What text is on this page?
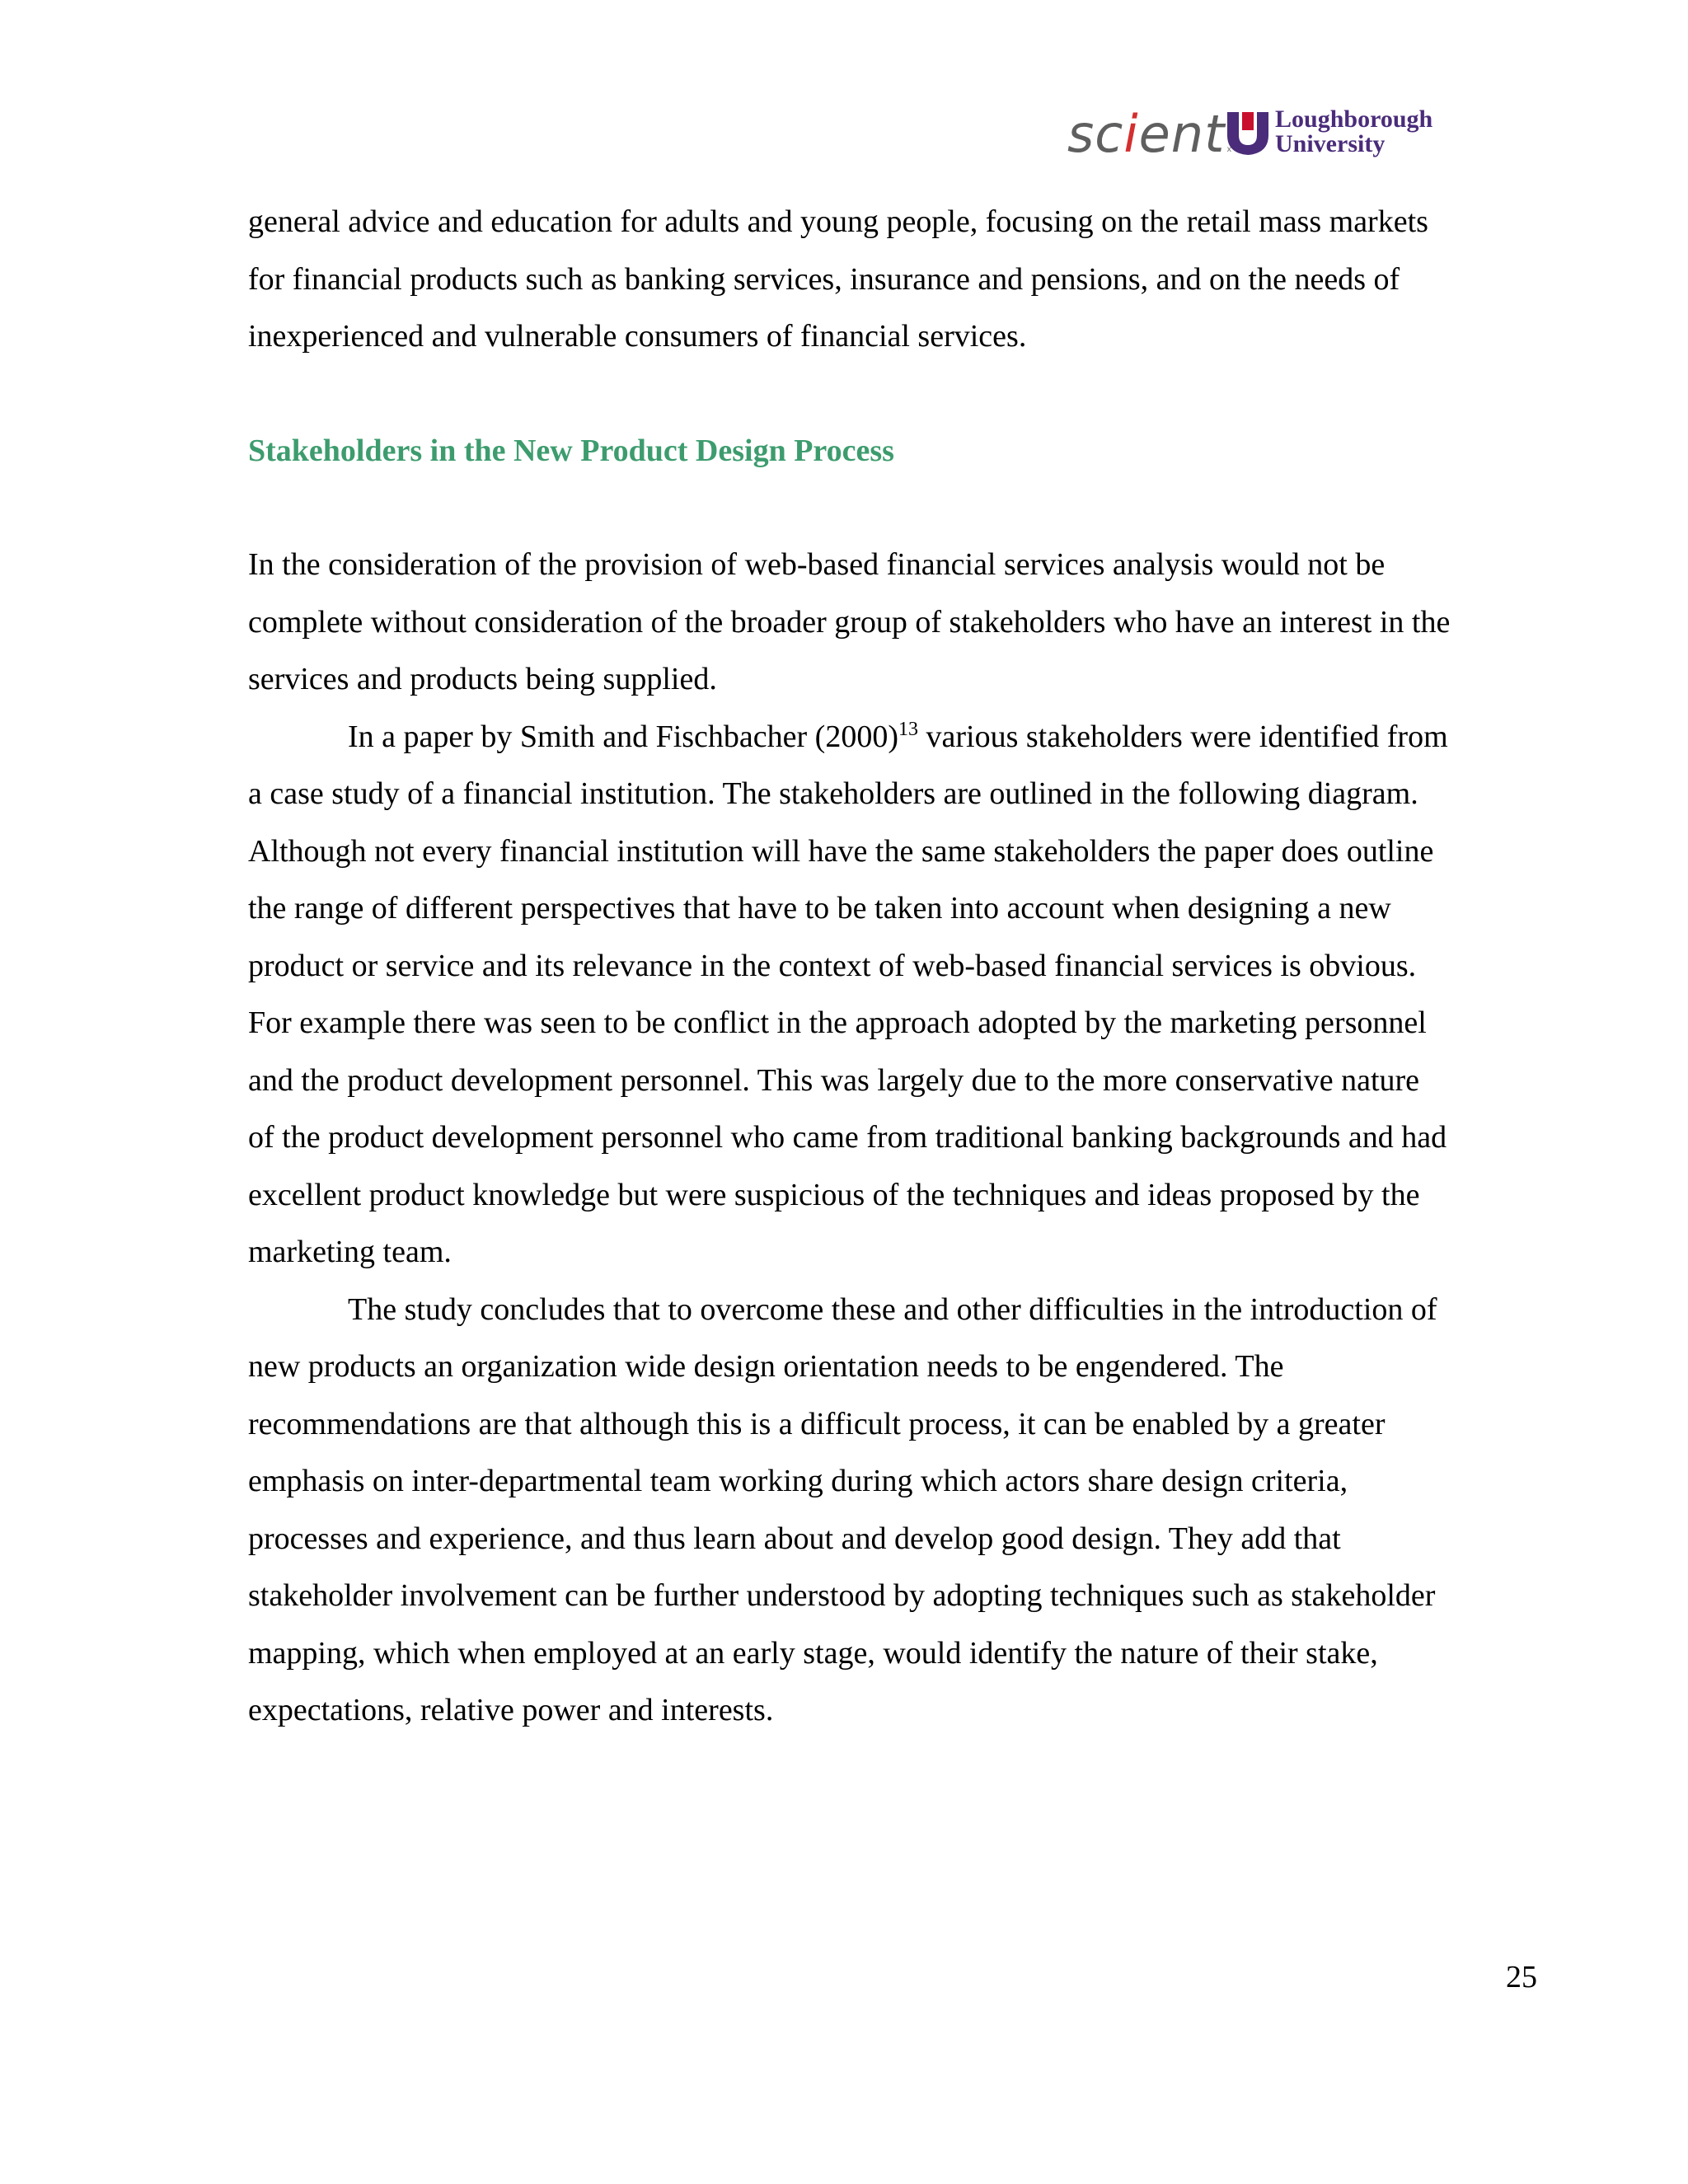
scient x
Loughborough
University

general advice and education for adults and young people, focusing on the retail mass markets for financial products such as banking services, insurance and pensions, and on the needs of inexperienced and vulnerable consumers of financial services.

Stakeholders in the New Product Design Process

In the consideration of the provision of web-based financial services analysis would not be complete without consideration of the broader group of stakeholders who have an interest in the services and products being supplied.

In a paper by Smith and Fischbacher $(2000)^{13}$ various stakeholders were identified from a case study of a financial institution. The stakeholders are outlined in the following diagram. Although not every financial institution will have the same stakeholders the paper does outline the range of different perspectives that have to be taken into account when designing a new product or service and its relevance in the context of web-based financial services is obvious. For example there was seen to be conflict in the approach adopted by the marketing personnel and the product development personnel. This was largely due to the more conservative nature of the product development personnel who came from traditional banking backgrounds and had excellent product knowledge but were suspicious of the techniques and ideas proposed by the marketing team.

The study concludes that to overcome these and other difficulties in the introduction of new products an organization wide design orientation needs to be engendered. The recommendations are that although this is a difficult process, it can be enabled by a greater emphasis on inter-departmental team working during which actors share design criteria, processes and experience, and thus learn about and develop good design. They add that stakeholder involvement can be further understood by adopting techniques such as stakeholder mapping, which when employed at an early stage, would identify the nature of their stake, expectations, relative power and interests.

25
